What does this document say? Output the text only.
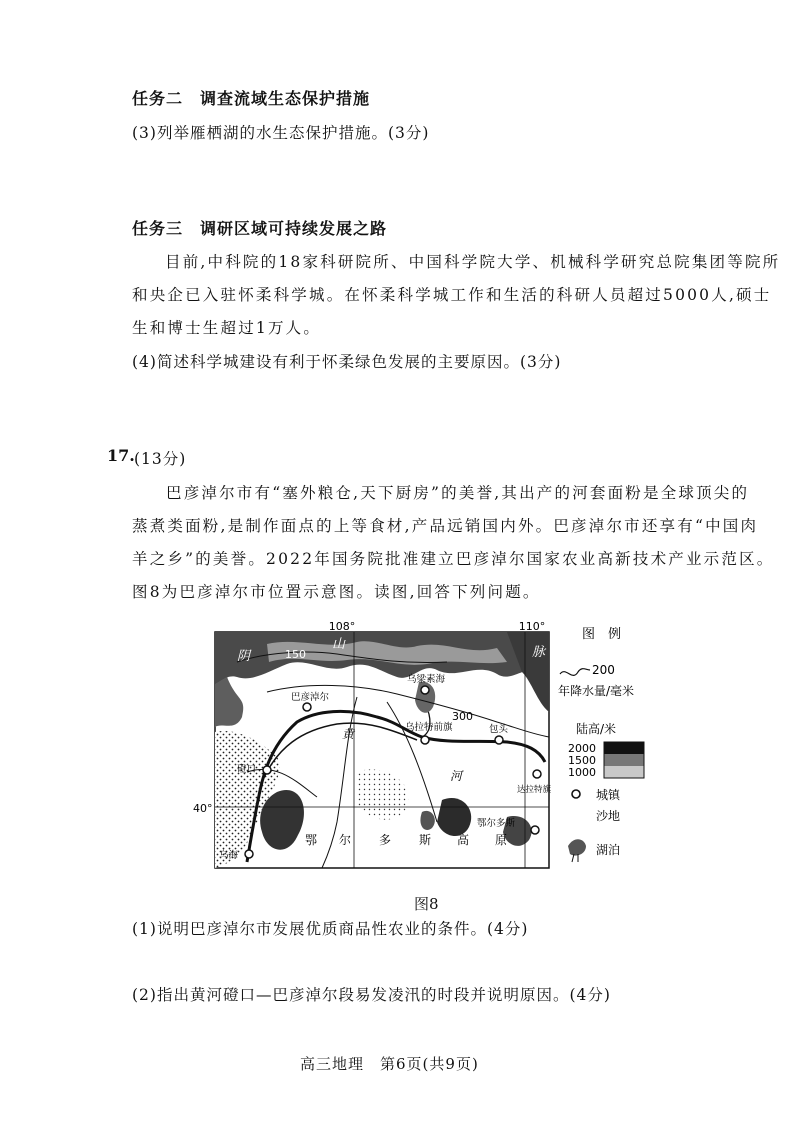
任务二　调查流域生态保护措施

(3)列举雁栖湖的水生态保护措施。(3分)

任务三　调研区域可持续发展之路

目前,中科院的18家科研院所、中国科学院大学、机械科学研究总院集团等院所

和央企已入驻怀柔科学城。在怀柔科学城工作和生活的科研人员超过5000人,硕士

生和博士生超过1万人。

(4)简述科学城建设有利于怀柔绿色发展的主要原因。(3分)

17. (13分)

巴彦淖尔市有“塞外粮仓,天下厨房”的美誉,其出产的河套面粉是全球顶尖的

蒸煮类面粉,是制作面点的上等食材,产品远销国内外。巴彦淖尔市还享有“中国肉

羊之乡”的美誉。2022年国务院批准建立巴彦淖尔国家农业高新技术产业示范区。

图8为巴彦淖尔市位置示意图。读图,回答下列问题。

108°	110°
40°
阴
山
脉
150
300
黄
河
鄂 尔 多 斯 高 原
巴彦淖尔
乌梁素海
乌拉特前旗	包头
磴口
达拉特旗
鄂尔多斯
乌海
图　例
200
年降水量/毫米
陆高/米
2000
1500
1000
城镇
沙地
湖泊

图8

(1)说明巴彦淖尔市发展优质商品性农业的条件。(4分)

(2)指出黄河磴口—巴彦淖尔段易发凌汛的时段并说明原因。(4分)

高三地理　第6页(共9页)
